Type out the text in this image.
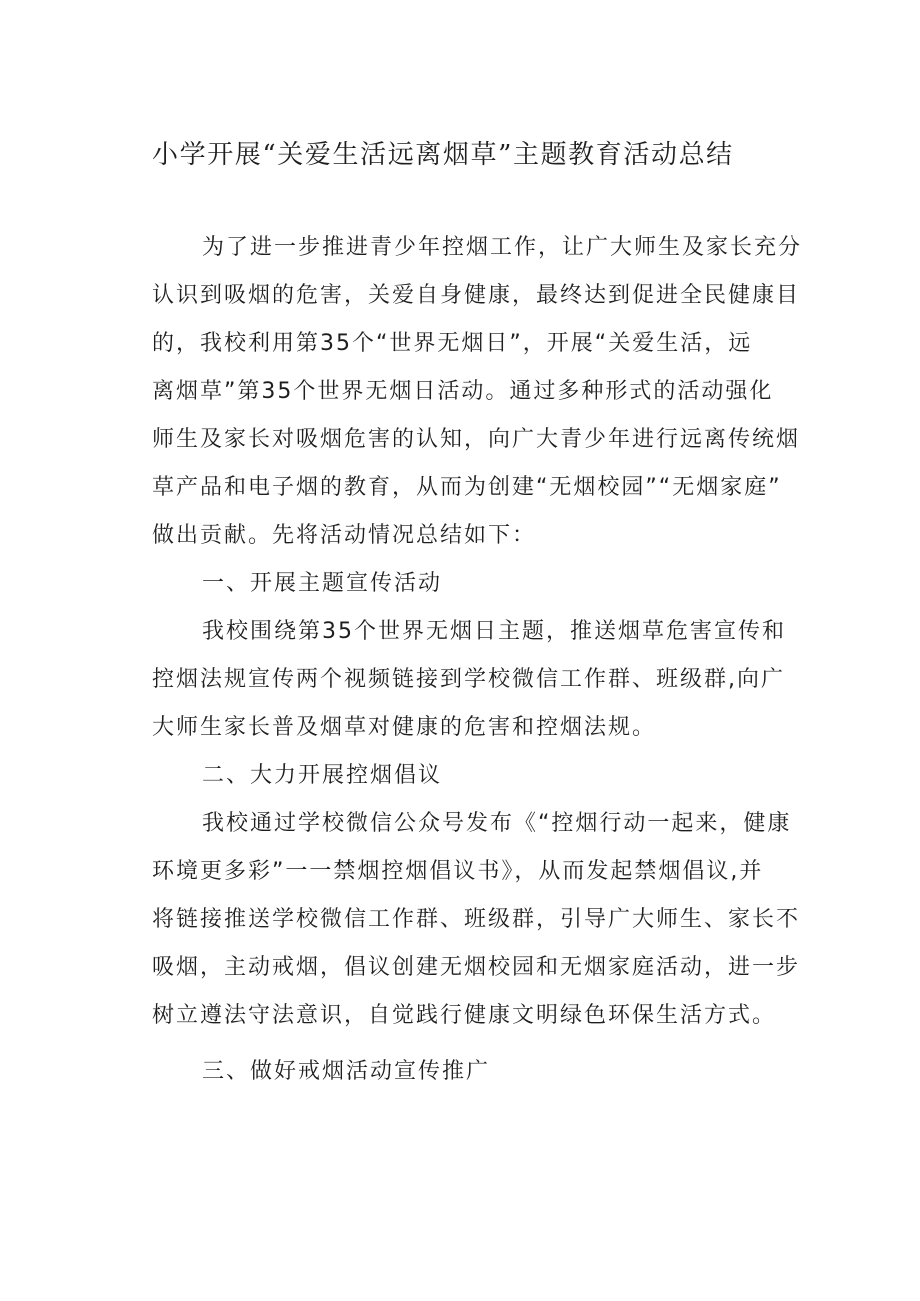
小学开展“关爱生活远离烟草”主题教育活动总结
为了进一步推进青少年控烟工作，让广大师生及家长充分
认识到吸烟的危害，关爱自身健康，最终达到促进全民健康目
的，我校利用第35个“世界无烟日”，开展“关爱生活，远
离烟草”第35个世界无烟日活动。通过多种形式的活动强化
师生及家长对吸烟危害的认知，向广大青少年进行远离传统烟
草产品和电子烟的教育，从而为创建“无烟校园”“无烟家庭”
做出贡献。先将活动情况总结如下：
一、开展主题宣传活动
我校围绕第35个世界无烟日主题，推送烟草危害宣传和
控烟法规宣传两个视频链接到学校微信工作群、班级群,向广
大师生家长普及烟草对健康的危害和控烟法规。
二、大力开展控烟倡议
我校通过学校微信公众号发布《“控烟行动一起来，健康
环境更多彩”一一禁烟控烟倡议书》，从而发起禁烟倡议,并
将链接推送学校微信工作群、班级群，引导广大师生、家长不
吸烟，主动戒烟，倡议创建无烟校园和无烟家庭活动，进一步
树立遵法守法意识，自觉践行健康文明绿色环保生活方式。
三、做好戒烟活动宣传推广
